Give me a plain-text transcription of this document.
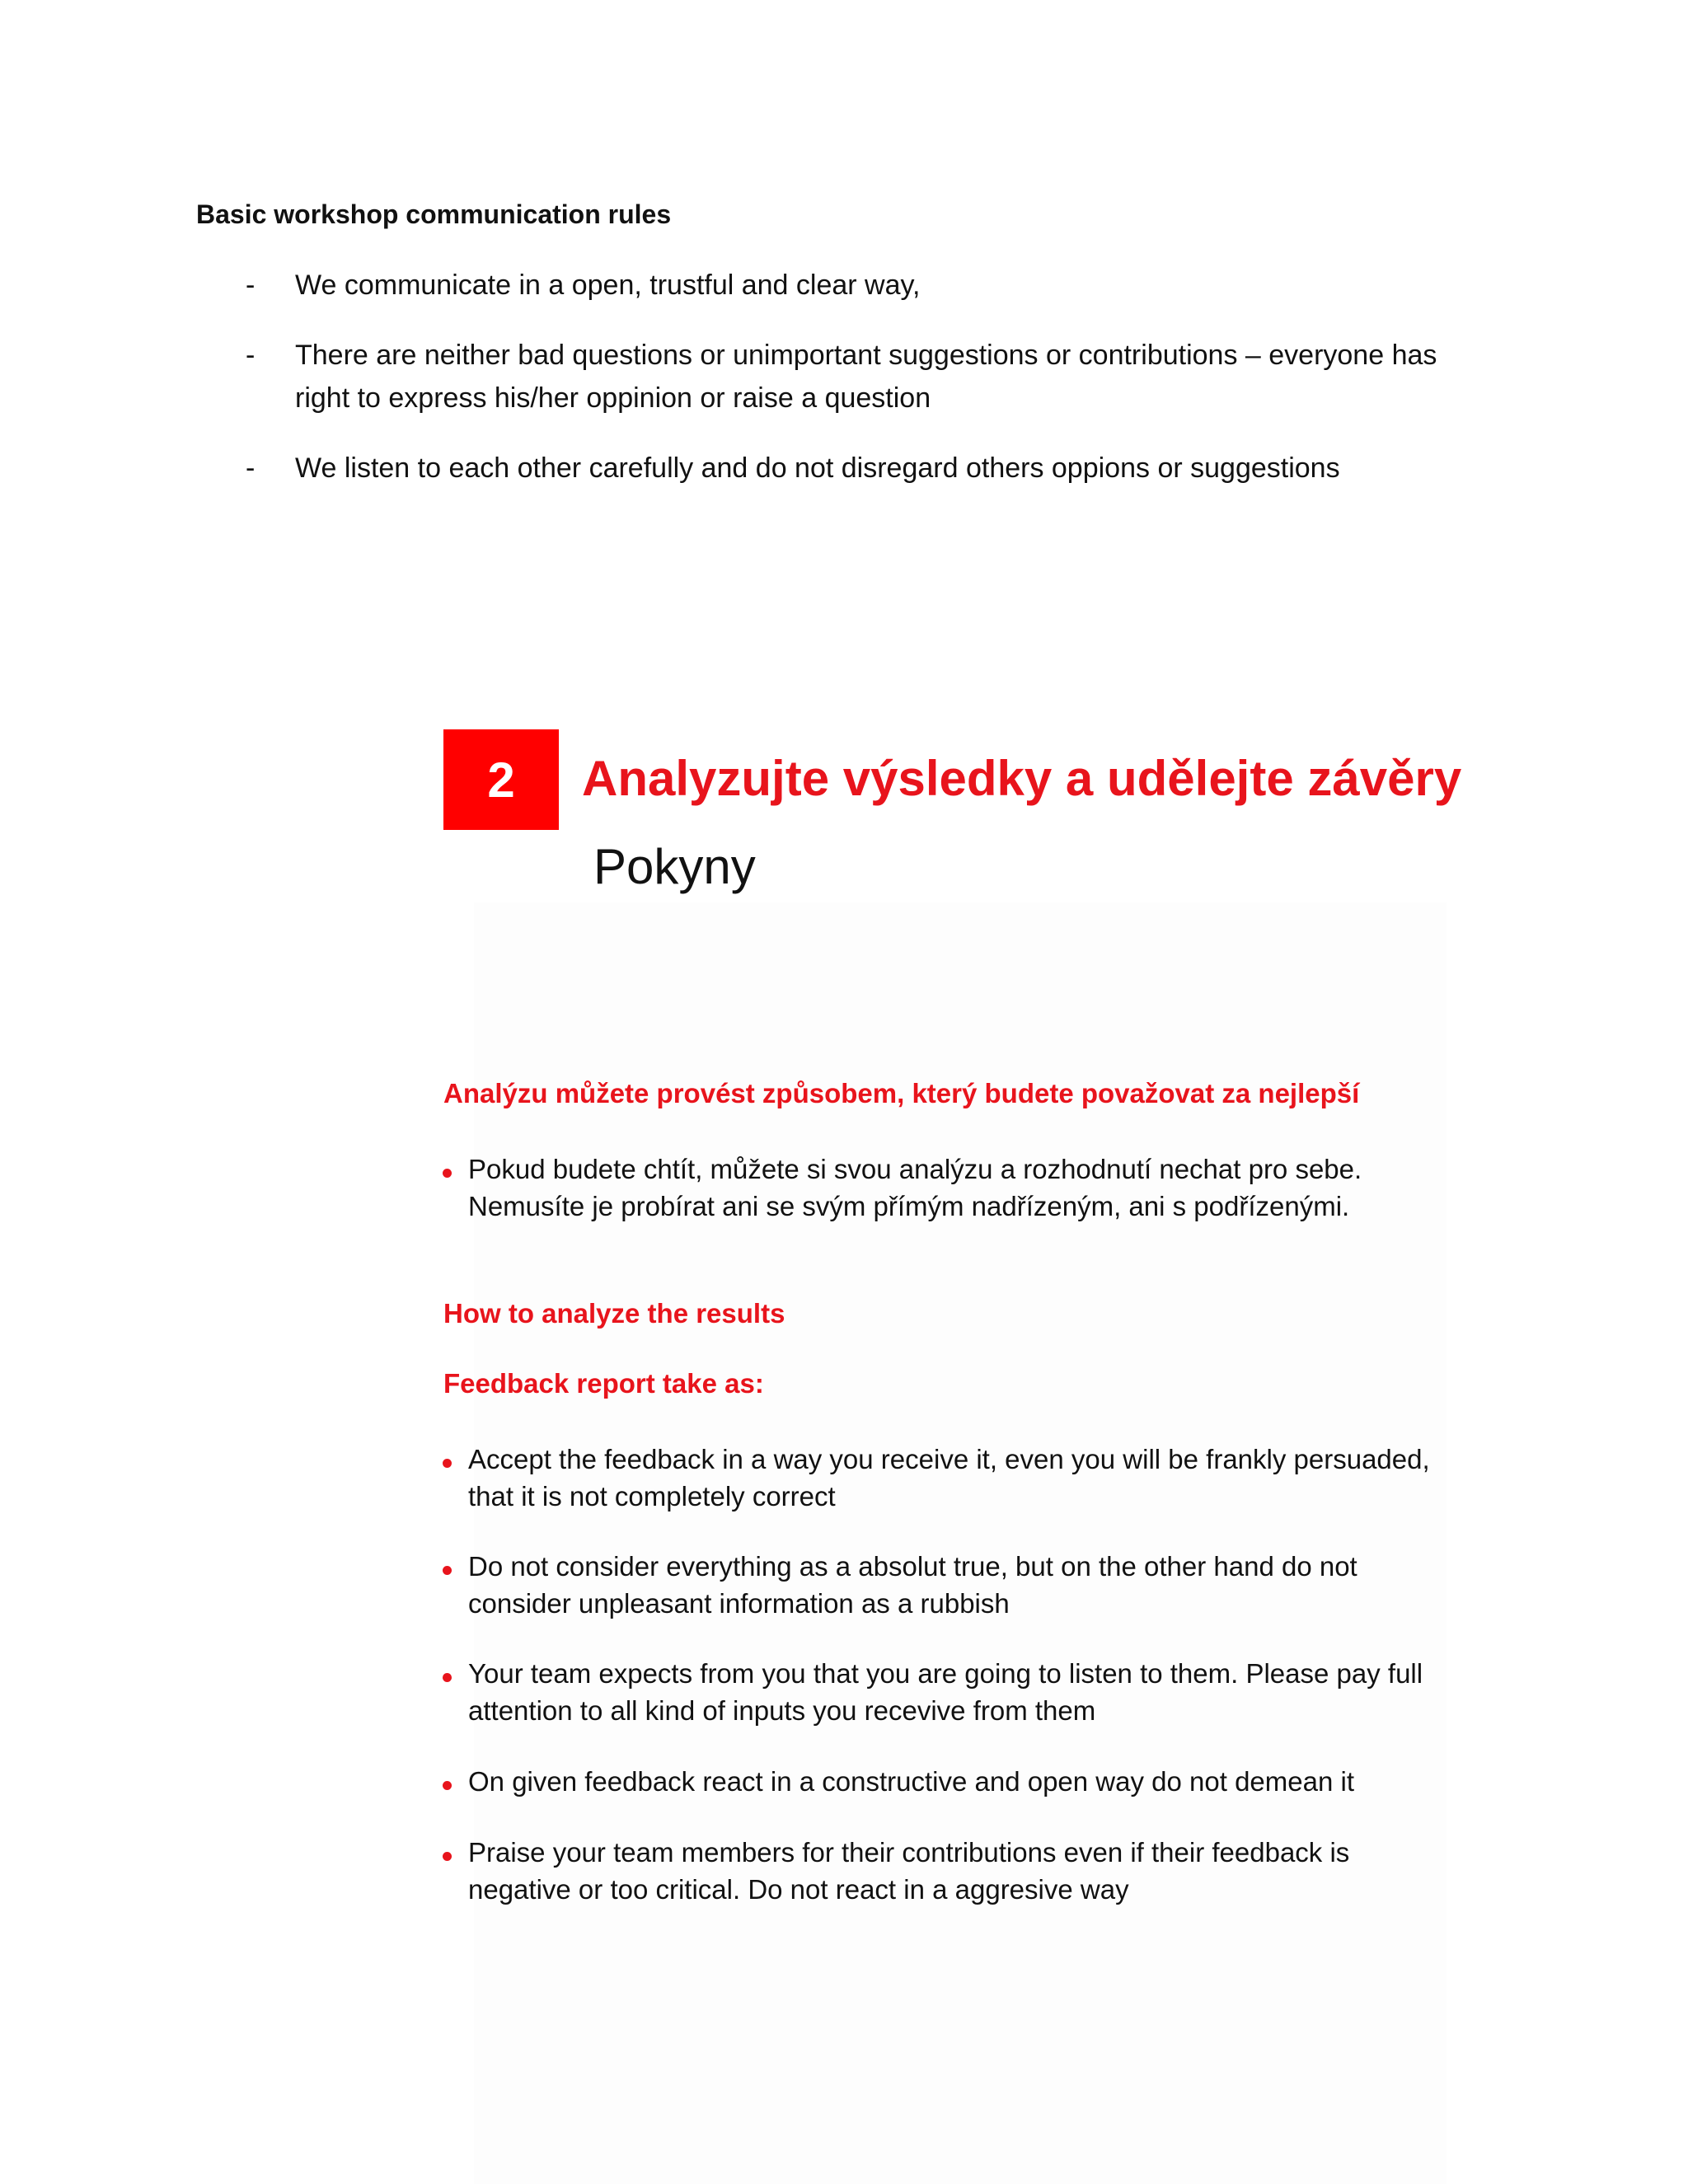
Basic workshop communication rules
- We communicate in a open, trustful and clear way,
- There are neither bad questions or unimportant suggestions or contributions – everyone has right to express his/her oppinion or raise a question
- We listen to each other carefully and do not disregard others oppions or suggestions
2	Analyzujte výsledky a udělejte závěry
Pokyny
Analýzu můžete provést způsobem, který budete považovat za nejlepší
Pokud budete chtít, můžete si svou analýzu a rozhodnutí nechat pro sebe. Nemusíte je probírat ani se svým přímým nadřízeným, ani s podřízenými.
How to analyze the results
Feedback report take as:
Accept the feedback in a way you receive it, even you will be frankly persuaded, that it is not completely correct
Do not consider everything as a absolut true, but on the other hand do not consider unpleasant information as a rubbish
Your team expects from you that you are going to listen to them. Please pay full attention to all kind of inputs you recevive from them
On given feedback react in a constructive and open way do not demean it
Praise your team members for their contributions even if their feedback is negative or too critical. Do not react in a aggresive way
